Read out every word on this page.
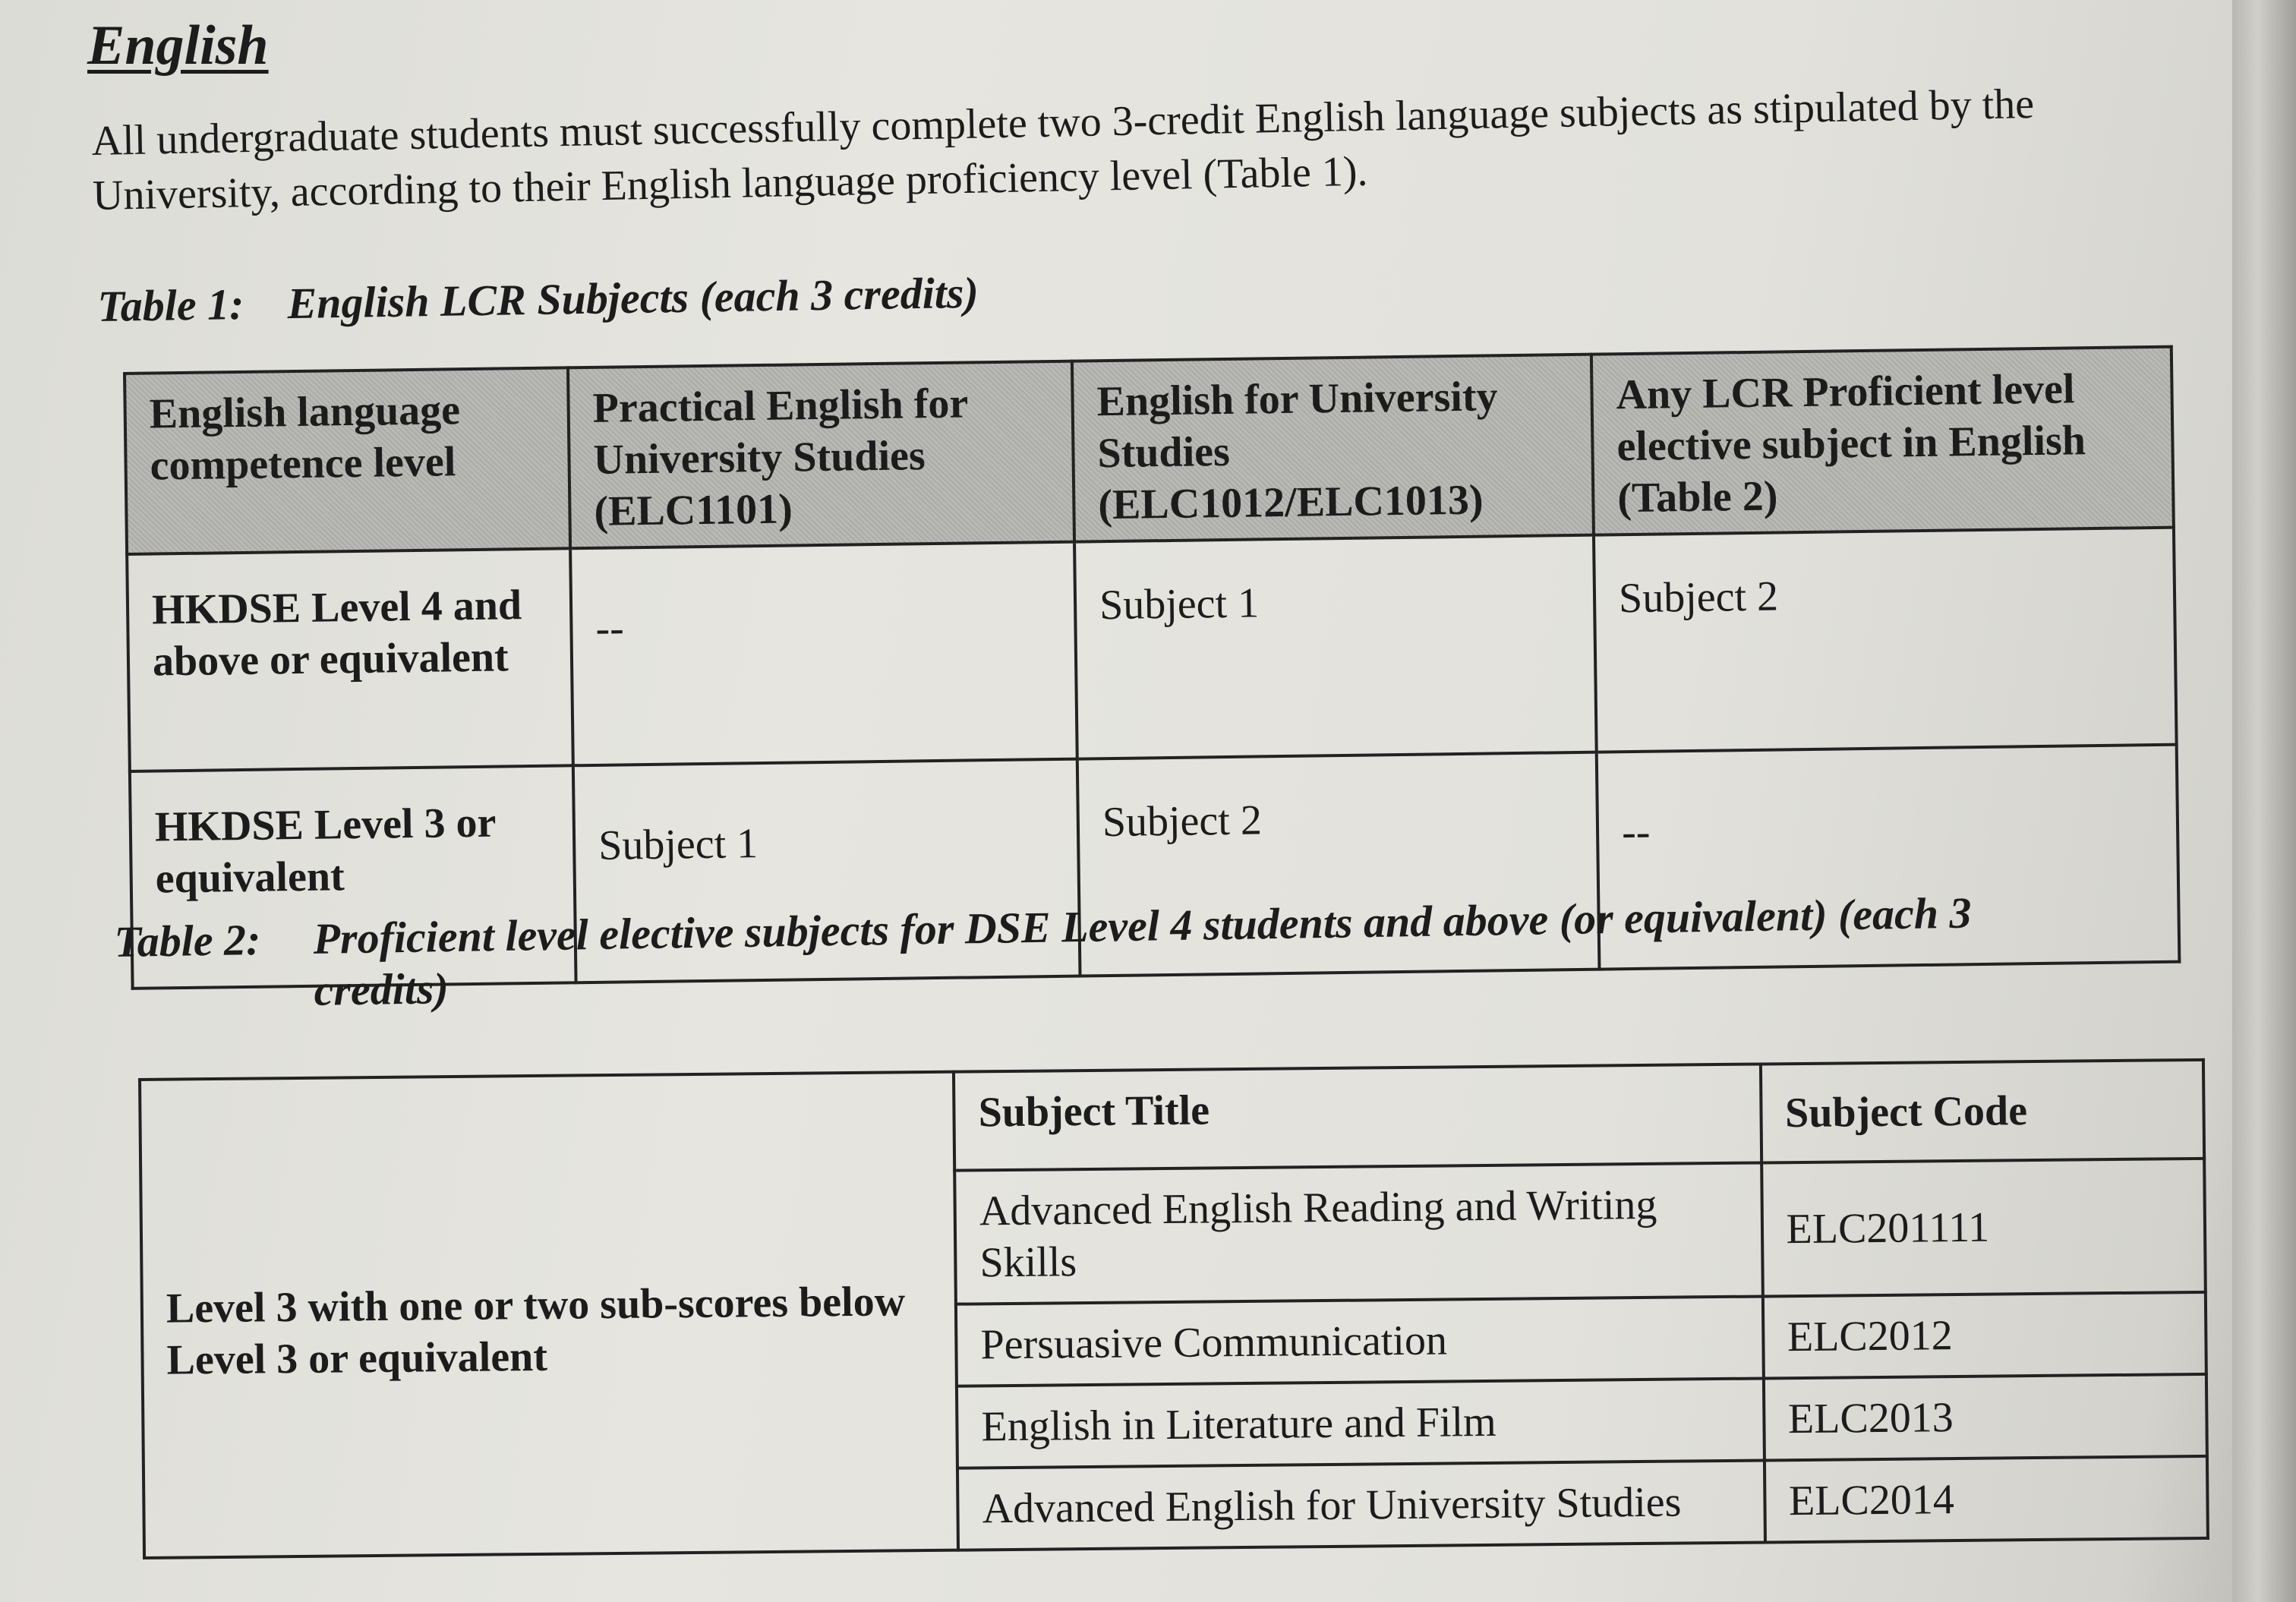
English
All undergraduate students must successfully complete two 3-credit English language subjects as stipulated by the University, according to their English language proficiency level (Table 1).
Table 1: English LCR Subjects (each 3 credits)
English language competence level	Practical English for University Studies (ELC1101)	English for University Studies (ELC1012/ELC1013)	Any LCR Proficient level elective subject in English (Table 2)
HKDSE Level 4 and above or equivalent	--	Subject 1	Subject 2
HKDSE Level 3 or equivalent	Subject 1	Subject 2	--
Table 2: Proficient level elective subjects for DSE Level 4 students and above (or equivalent) (each 3
credits)
Level 3 with one or two sub-scores below Level 3 or equivalent	Subject Title	Subject Code
	Advanced English Reading and Writing Skills	ELC201111
	Persuasive Communication	ELC2012
	English in Literature and Film	ELC2013
	Advanced English for University Studies	ELC2014
